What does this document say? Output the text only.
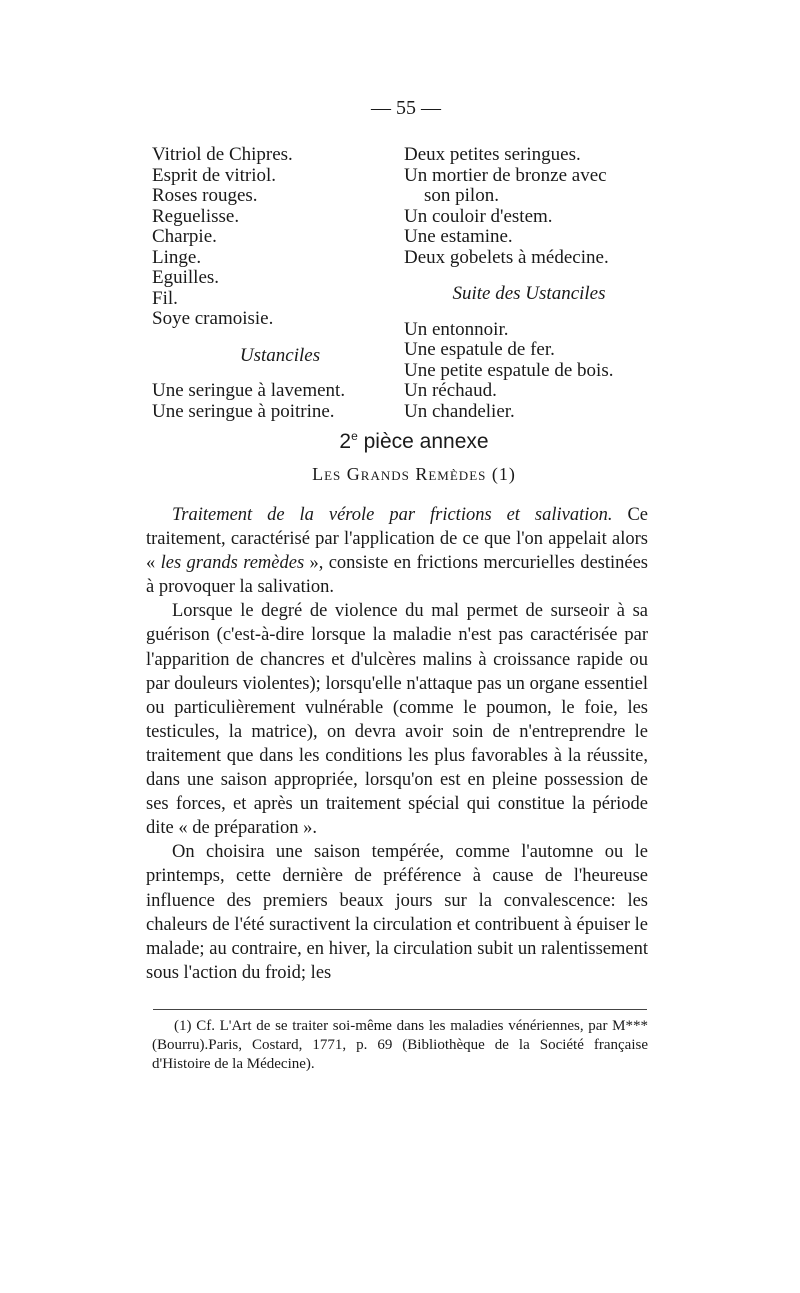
— 55 —
Vitriol de Chipres.
Esprit de vitriol.
Roses rouges.
Reguelisse.
Charpie.
Linge.
Eguilles.
Fil.
Soye cramoisie.
Ustanciles
Une seringue à lavement.
Une seringue à poitrine.
Deux petites seringues.
Un mortier de bronze avec
son pilon.
Un couloir d'estem.
Une estamine.
Deux gobelets à médecine.
Suite des Ustanciles
Un entonnoir.
Une espatule de fer.
Une petite espatule de bois.
Un réchaud.
Un chandelier.
2e pièce annexe
Les Grands Remèdes (1)

Traitement de la vérole par frictions et salivation. Ce traitement, caractérisé par l'application de ce que l'on appelait alors « les grands remèdes », consiste en frictions mercurielles destinées à provoquer la salivation.

Lorsque le degré de violence du mal permet de surseoir à sa guérison (c'est-à-dire lorsque la maladie n'est pas caractérisée par l'apparition de chancres et d'ulcères malins à croissance rapide ou par douleurs violentes); lorsqu'elle n'attaque pas un organe essentiel ou particulièrement vulnérable (comme le poumon, le foie, les testicules, la matrice), on devra avoir soin de n'entreprendre le traitement que dans les conditions les plus favorables à la réussite, dans une saison appropriée, lorsqu'on est en pleine possession de ses forces, et après un traitement spécial qui constitue la période dite « de préparation ».

On choisira une saison tempérée, comme l'automne ou le printemps, cette dernière de préférence à cause de l'heureuse influence des premiers beaux jours sur la convalescence: les chaleurs de l'été suractivent la circulation et contribuent à épuiser le malade; au contraire, en hiver, la circulation subit un ralentissement sous l'action du froid; les

(1) Cf. L'Art de se traiter soi-même dans les maladies vénériennes, par M*** (Bourru).Paris, Costard, 1771, p. 69 (Bibliothèque de la Société française d'Histoire de la Médecine).
